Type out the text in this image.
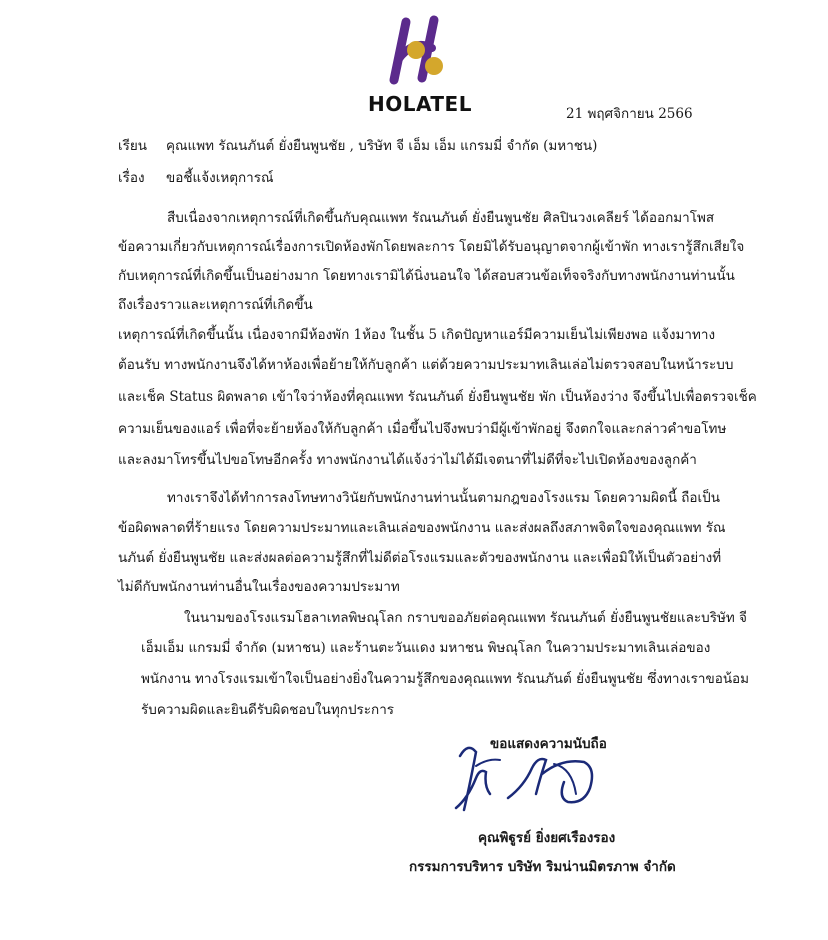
HOLATEL	21 พฤศจิกายน 2566
เรียน คุณแพท รัณนภันต์ ยั่งยืนพูนชัย , บริษัท จี เอ็ม เอ็ม แกรมมี่ จำกัด (มหาชน)
เรื่อง ขอชี้แจ้งเหตุการณ์
สืบเนื่องจากเหตุการณ์ที่เกิดขึ้นกับคุณแพท รัณนภันต์ ยั่งยืนพูนชัย ศิลปินวงเคลียร์ ได้ออกมาโพส
ข้อความเกี่ยวกับเหตุการณ์เรื่องการเปิดห้องพักโดยพละการ โดยมิได้รับอนุญาตจากผู้เข้าพัก ทางเรารู้สึกเสียใจ
กับเหตุการณ์ที่เกิดขึ้นเป็นอย่างมาก โดยทางเรามิได้นิ่งนอนใจ ได้สอบสวนข้อเท็จจริงกับทางพนักงานท่านนั้น
ถึงเรื่องราวและเหตุการณ์ที่เกิดขึ้น
เหตุการณ์ที่เกิดขึ้นนั้น เนื่องจากมีห้องพัก 1ห้อง ในชั้น 5 เกิดปัญหาแอร์มีความเย็นไม่เพียงพอ แจ้งมาทาง
ต้อนรับ ทางพนักงานจึงได้หาห้องเพื่อย้ายให้กับลูกค้า แต่ด้วยความประมาทเลินเล่อไม่ตรวจสอบในหน้าระบบ
และเช็ค Status ผิดพลาด เข้าใจว่าห้องที่คุณแพท รัณนภันต์ ยั่งยืนพูนชัย พัก เป็นห้องว่าง จึงขึ้นไปเพื่อตรวจเช็ค
ความเย็นของแอร์ เพื่อที่จะย้ายห้องให้กับลูกค้า เมื่อขึ้นไปจึงพบว่ามีผู้เข้าพักอยู่ จึงตกใจและกล่าวคำขอโทษ
และลงมาโทรขึ้นไปขอโทษอีกครั้ง ทางพนักงานได้แจ้งว่าไม่ได้มีเจตนาที่ไม่ดีที่จะไปเปิดห้องของลูกค้า
ทางเราจึงได้ทำการลงโทษทางวินัยกับพนักงานท่านนั้นตามกฎของโรงแรม โดยความผิดนี้ ถือเป็น
ข้อผิดพลาดที่ร้ายแรง โดยความประมาทและเลินเล่อของพนักงาน และส่งผลถึงสภาพจิตใจของคุณแพท รัณ
นภันต์ ยั่งยืนพูนชัย และส่งผลต่อความรู้สึกที่ไม่ดีต่อโรงแรมและตัวของพนักงาน และเพื่อมิให้เป็นตัวอย่างที่
ไม่ดีกับพนักงานท่านอื่นในเรื่องของความประมาท
ในนามของโรงแรมโฮลาเทลพิษณุโลก กราบขออภัยต่อคุณแพท รัณนภันต์ ยั่งยืนพูนชัยและบริษัท จี
เอ็มเอ็ม แกรมมี่ จำกัด (มหาชน) และร้านตะวันแดง มหาชน พิษณุโลก ในความประมาทเลินเล่อของ
พนักงาน ทางโรงแรมเข้าใจเป็นอย่างยิ่งในความรู้สึกของคุณแพท รัณนภันต์ ยั่งยืนพูนชัย ซึ่งทางเราขอน้อม
รับความผิดและยินดีรับผิดชอบในทุกประการ
ขอแสดงความนับถือ
คุณพิฐูรย์ ยิ่งยศเรืองรอง
กรรมการบริหาร บริษัท ริมน่านมิตรภาพ จำกัด
